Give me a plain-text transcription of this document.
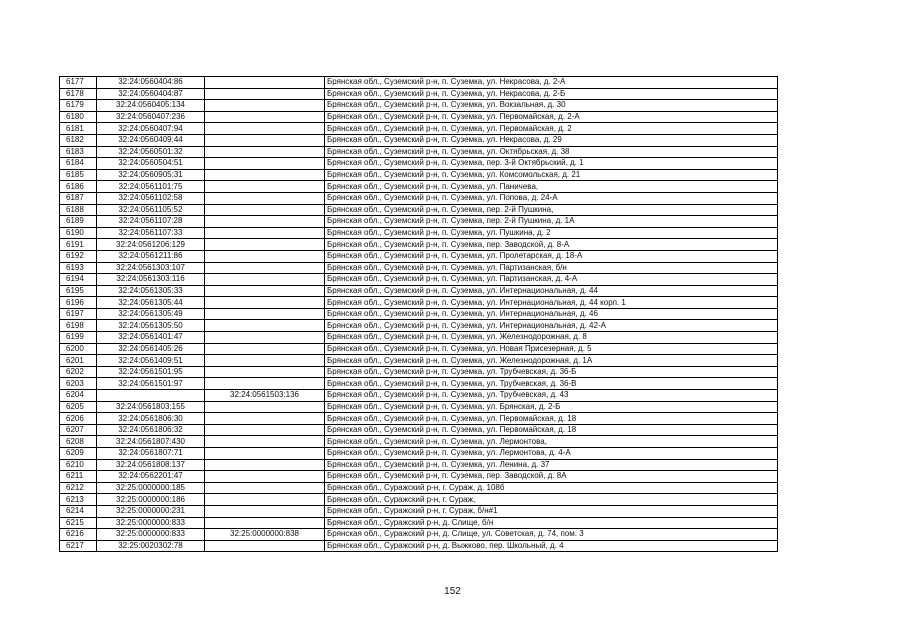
6177	32:24:0560404:86		Брянская обл., Суземский р-н, п. Суземка, ул. Некрасова, д. 2-А
6178	32:24:0560404:87		Брянская обл., Суземский р-н, п. Суземка, ул. Некрасова, д. 2-Б
6179	32:24:0560405:134		Брянская обл., Суземский р-н, п. Суземка, ул. Вокзальная, д. 30
6180	32:24:0560407:236		Брянская обл., Суземский р-н, п. Суземка, ул. Первомайская, д. 2-А
6181	32:24:0560407:94		Брянская обл., Суземский р-н, п. Суземка, ул. Первомайская, д. 2
6182	32:24:0560409:44		Брянская обл., Суземский р-н, п. Суземка, ул. Некрасова, д. 29
6183	32:24:0560501:32		Брянская обл., Суземский р-н, п. Суземка, ул. Октябрьская, д. 38
6184	32:24:0560504:51		Брянская обл., Суземский р-н, п. Суземка, пер. 3-й Октябрьский, д. 1
6185	32:24:0560905:31		Брянская обл., Суземский р-н, п. Суземка, ул. Комсомольская, д. 21
6186	32:24:0561101:75		Брянская обл., Суземский р-н, п. Суземка, ул. Паничева,
6187	32:24:0561102:58		Брянская обл., Суземский р-н, п. Суземка, ул. Попова, д. 24-А
6188	32:24:0561105:52		Брянская обл., Суземский р-н, п. Суземка, пер. 2-й Пушкина,
6189	32:24:0561107:28		Брянская обл., Суземский р-н, п. Суземка, пер. 2-й Пушкина, д. 1А
6190	32:24:0561107:33		Брянская обл., Суземский р-н, п. Суземка, ул. Пушкина, д. 2
6191	32:24:0561206:129		Брянская обл., Суземский р-н, п. Суземка, пер. Заводской, д. 8-А
6192	32:24:0561211:86		Брянская обл., Суземский р-н, п. Суземка, ул. Пролетарская, д. 18-А
6193	32:24:0561303:107		Брянская обл., Суземский р-н, п. Суземка, ул. Партизанская, б/н
6194	32:24:0561303:116		Брянская обл., Суземский р-н, п. Суземка, ул. Партизанская, д. 4-А
6195	32:24:0561305:33		Брянская обл., Суземский р-н, п. Суземка, ул. Интернациональная, д. 44
6196	32:24:0561305:44		Брянская обл., Суземский р-н, п. Суземка, ул. Интернациональная, д. 44 корп. 1
6197	32:24:0561305:49		Брянская обл., Суземский р-н, п. Суземка, ул. Интернациональная, д. 46
6198	32:24:0561305:50		Брянская обл., Суземский р-н, п. Суземка, ул. Интернациональная, д. 42-А
6199	32:24:0561401:47		Брянская обл., Суземский р-н, п. Суземка, ул. Железнодорожная, д. 8
6200	32:24:0561405:26		Брянская обл., Суземский р-н, п. Суземка, ул. Новая Присезерная, д. 5
6201	32:24:0561409:51		Брянская обл., Суземский р-н, п. Суземка, ул. Железнодорожная, д. 1А
6202	32:24:0561501:95		Брянская обл., Суземский р-н, п. Суземка, ул. Трубчевская, д. 36-Б
6203	32:24:0561501:97		Брянская обл., Суземский р-н, п. Суземка, ул. Трубчевская, д. 36-В
6204		32:24:0561503:136	Брянская обл., Суземский р-н, п. Суземка, ул. Трубчевская, д. 43
6205	32:24:0561803:155		Брянская обл., Суземский р-н, п. Суземка, ул. Брянская, д. 2-Б
6206	32:24:0561806:30		Брянская обл., Суземский р-н, п. Суземка, ул. Первомайская, д. 18
6207	32:24:0561806:32		Брянская обл., Суземский р-н, п. Суземка, ул. Первомайская, д. 18
6208	32:24:0561807:430		Брянская обл., Суземский р-н, п. Суземка, ул. Лермонтова,
6209	32:24:0561807:71		Брянская обл., Суземский р-н, п. Суземка, ул. Лермонтова, д. 4-А
6210	32:24:0561808:137		Брянская обл., Суземский р-н, п. Суземка, ул. Ленина, д. 37
6211	32:24:0562201:47		Брянская обл., Суземский р-н, п. Суземка, пер. Заводской, д. 8А
6212	32:25:0000000:185		Брянская обл., Суражский р-н, г. Сураж, д. 108б
6213	32:25:0000000:186		Брянская обл., Суражский р-н, г. Сураж,
6214	32:25:0000000:231		Брянская обл., Суражский р-н, г. Сураж, б/н#1
6215	32:25:0000000:833		Брянская обл., Суражский р-н, д. Слище, б/н
6216	32:25:0000000:833	32:25:0000000:838	Брянская обл., Суражский р-н, д. Слище, ул. Советская, д. 74, пом. 3
6217	32:25:0020302:78		Брянская обл., Суражский р-н, д. Выжково, пер. Школьный, д. 4
152
